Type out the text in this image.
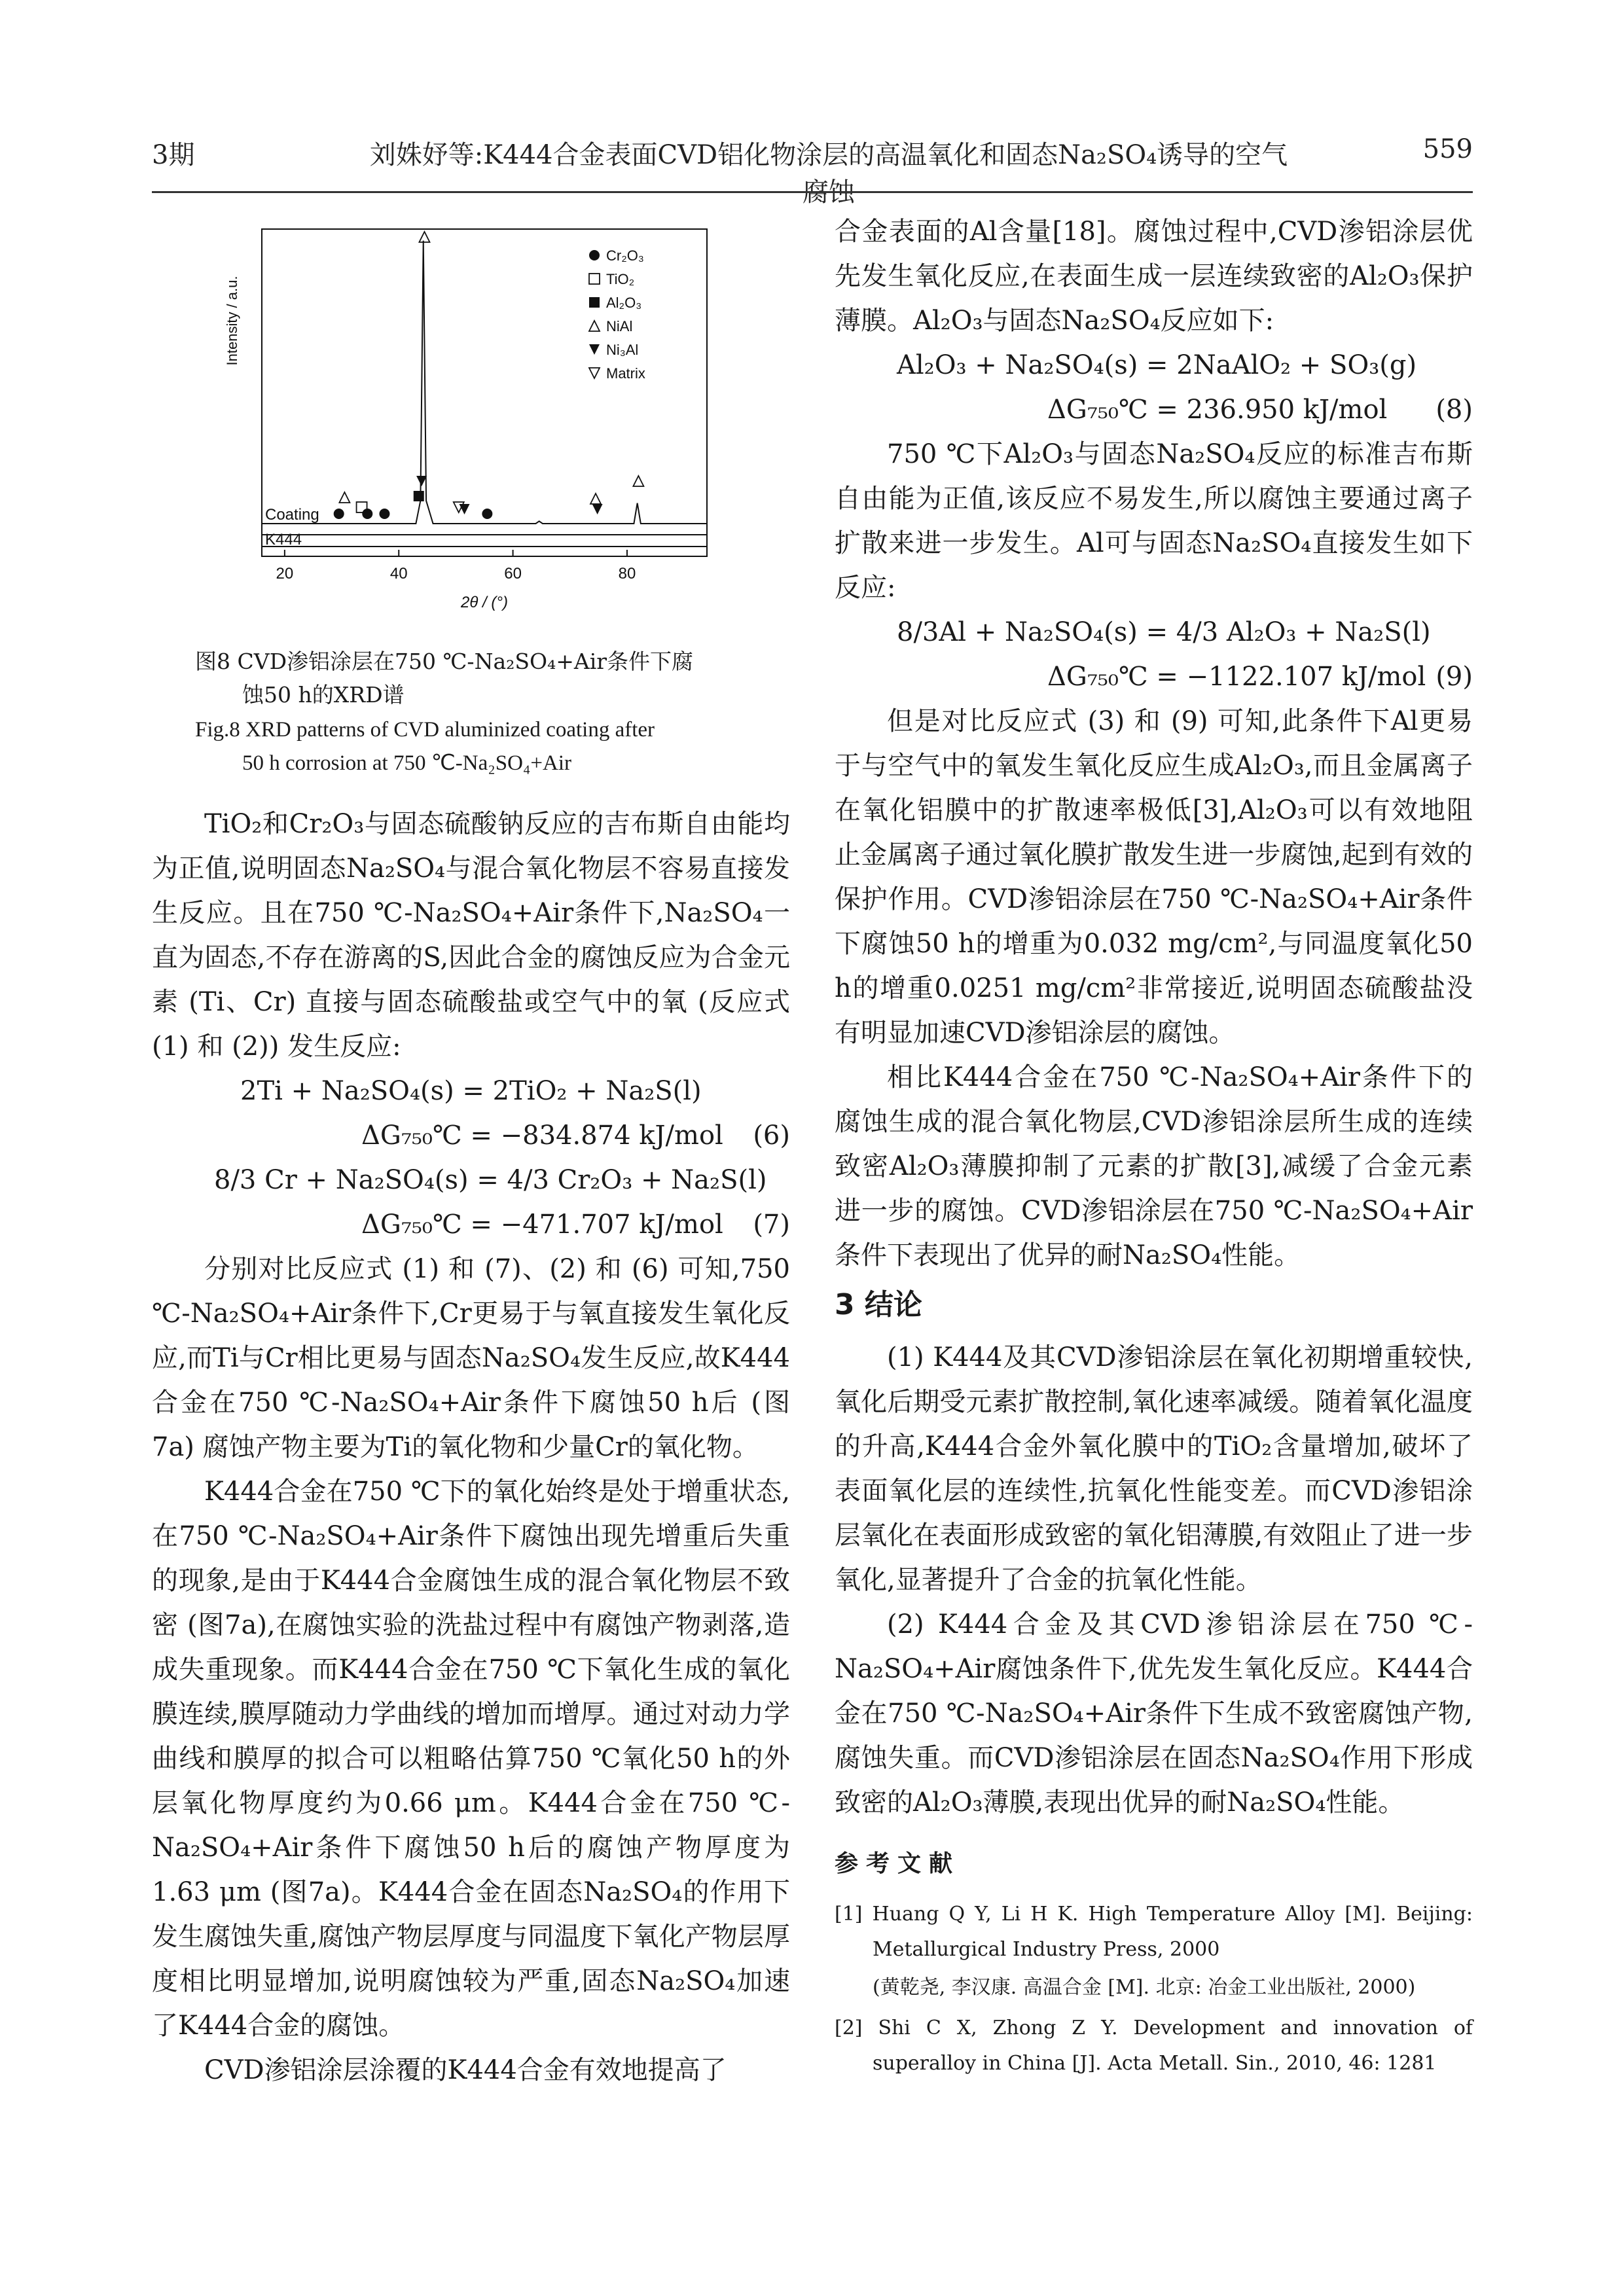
3期	刘姝妤等:K444合金表面CVD铝化物涂层的高温氧化和固态Na₂SO₄诱导的空气腐蚀
559
Coating
K444
Cr₂O₃
TiO₂
Al₂O₃
NiAl
Ni₃Al
Matrix
20	40	60	80
2θ / (°)
Intensity / a.u.
图8 CVD渗铝涂层在750 ℃-Na₂SO₄+Air条件下腐
蚀50 h的XRD谱
Fig.8 XRD patterns of CVD aluminized coating after
50 h corrosion at 750 ℃-Na₂SO₄+Air

TiO₂和Cr₂O₃与固态硫酸钠反应的吉布斯自由能均为正值,说明固态Na₂SO₄与混合氧化物层不容易直接发生反应。且在750 ℃-Na₂SO₄+Air条件下,Na₂SO₄一直为固态,不存在游离的S,因此合金的腐蚀反应为合金元素 (Ti、Cr) 直接与固态硫酸盐或空气中的氧 (反应式 (1) 和 (2)) 发生反应:

2Ti + Na₂SO₄(s) = 2TiO₂ + Na₂S(l)
ΔG₇₅₀℃ = −834.874 kJ/mol (6)
8/3 Cr + Na₂SO₄(s) = 4/3 Cr₂O₃ + Na₂S(l)
ΔG₇₅₀℃ = −471.707 kJ/mol (7)

分别对比反应式 (1) 和 (7)、(2) 和 (6) 可知,750 ℃-Na₂SO₄+Air条件下,Cr更易于与氧直接发生氧化反应,而Ti与Cr相比更易与固态Na₂SO₄发生反应,故K444合金在750 ℃-Na₂SO₄+Air条件下腐蚀50 h后 (图7a) 腐蚀产物主要为Ti的氧化物和少量Cr的氧化物。

K444合金在750 ℃下的氧化始终是处于增重状态,在750 ℃-Na₂SO₄+Air条件下腐蚀出现先增重后失重的现象,是由于K444合金腐蚀生成的混合氧化物层不致密 (图7a),在腐蚀实验的洗盐过程中有腐蚀产物剥落,造成失重现象。而K444合金在750 ℃下氧化生成的氧化膜连续,膜厚随动力学曲线的增加而增厚。通过对动力学曲线和膜厚的拟合可以粗略估算750 ℃氧化50 h的外层氧化物厚度约为0.66 μm。K444合金在750 ℃-Na₂SO₄+Air条件下腐蚀50 h后的腐蚀产物厚度为1.63 μm (图7a)。K444合金在固态Na₂SO₄的作用下发生腐蚀失重,腐蚀产物层厚度与同温度下氧化产物层厚度相比明显增加,说明腐蚀较为严重,固态Na₂SO₄加速了K444合金的腐蚀。

CVD渗铝涂层涂覆的K444合金有效地提高了

合金表面的Al含量[18]。腐蚀过程中,CVD渗铝涂层优先发生氧化反应,在表面生成一层连续致密的Al₂O₃保护薄膜。Al₂O₃与固态Na₂SO₄反应如下:

Al₂O₃ + Na₂SO₄(s) = 2NaAlO₂ + SO₃(g)
ΔG₇₅₀℃ = 236.950 kJ/mol (8)

750 ℃下Al₂O₃与固态Na₂SO₄反应的标准吉布斯自由能为正值,该反应不易发生,所以腐蚀主要通过离子扩散来进一步发生。Al可与固态Na₂SO₄直接发生如下反应:

8/3Al + Na₂SO₄(s) = 4/3 Al₂O₃ + Na₂S(l)
ΔG₇₅₀℃ = −1122.107 kJ/mol (9)

但是对比反应式 (3) 和 (9) 可知,此条件下Al更易于与空气中的氧发生氧化反应生成Al₂O₃,而且金属离子在氧化铝膜中的扩散速率极低[3],Al₂O₃可以有效地阻止金属离子通过氧化膜扩散发生进一步腐蚀,起到有效的保护作用。CVD渗铝涂层在750 ℃-Na₂SO₄+Air条件下腐蚀50 h的增重为0.032 mg/cm²,与同温度氧化50 h的增重0.0251 mg/cm²非常接近,说明固态硫酸盐没有明显加速CVD渗铝涂层的腐蚀。

相比K444合金在750 ℃-Na₂SO₄+Air条件下的腐蚀生成的混合氧化物层,CVD渗铝涂层所生成的连续致密Al₂O₃薄膜抑制了元素的扩散[3],减缓了合金元素进一步的腐蚀。CVD渗铝涂层在750 ℃-Na₂SO₄+Air条件下表现出了优异的耐Na₂SO₄性能。

3 结论

(1) K444及其CVD渗铝涂层在氧化初期增重较快,氧化后期受元素扩散控制,氧化速率减缓。随着氧化温度的升高,K444合金外氧化膜中的TiO₂含量增加,破坏了表面氧化层的连续性,抗氧化性能变差。而CVD渗铝涂层氧化在表面形成致密的氧化铝薄膜,有效阻止了进一步氧化,显著提升了合金的抗氧化性能。

(2) K444合金及其CVD渗铝涂层在750 ℃-Na₂SO₄+Air腐蚀条件下,优先发生氧化反应。K444合金在750 ℃-Na₂SO₄+Air条件下生成不致密腐蚀产物,腐蚀失重。而CVD渗铝涂层在固态Na₂SO₄作用下形成致密的Al₂O₃薄膜,表现出优异的耐Na₂SO₄性能。

参考文献

[1] Huang Q Y, Li H K. High Temperature Alloy [M]. Beijing: Metallurgical Industry Press, 2000

(黄乾尧, 李汉康. 高温合金 [M]. 北京: 冶金工业出版社, 2000)

[2] Shi C X, Zhong Z Y. Development and innovation of superalloy in China [J]. Acta Metall. Sin., 2010, 46: 1281
